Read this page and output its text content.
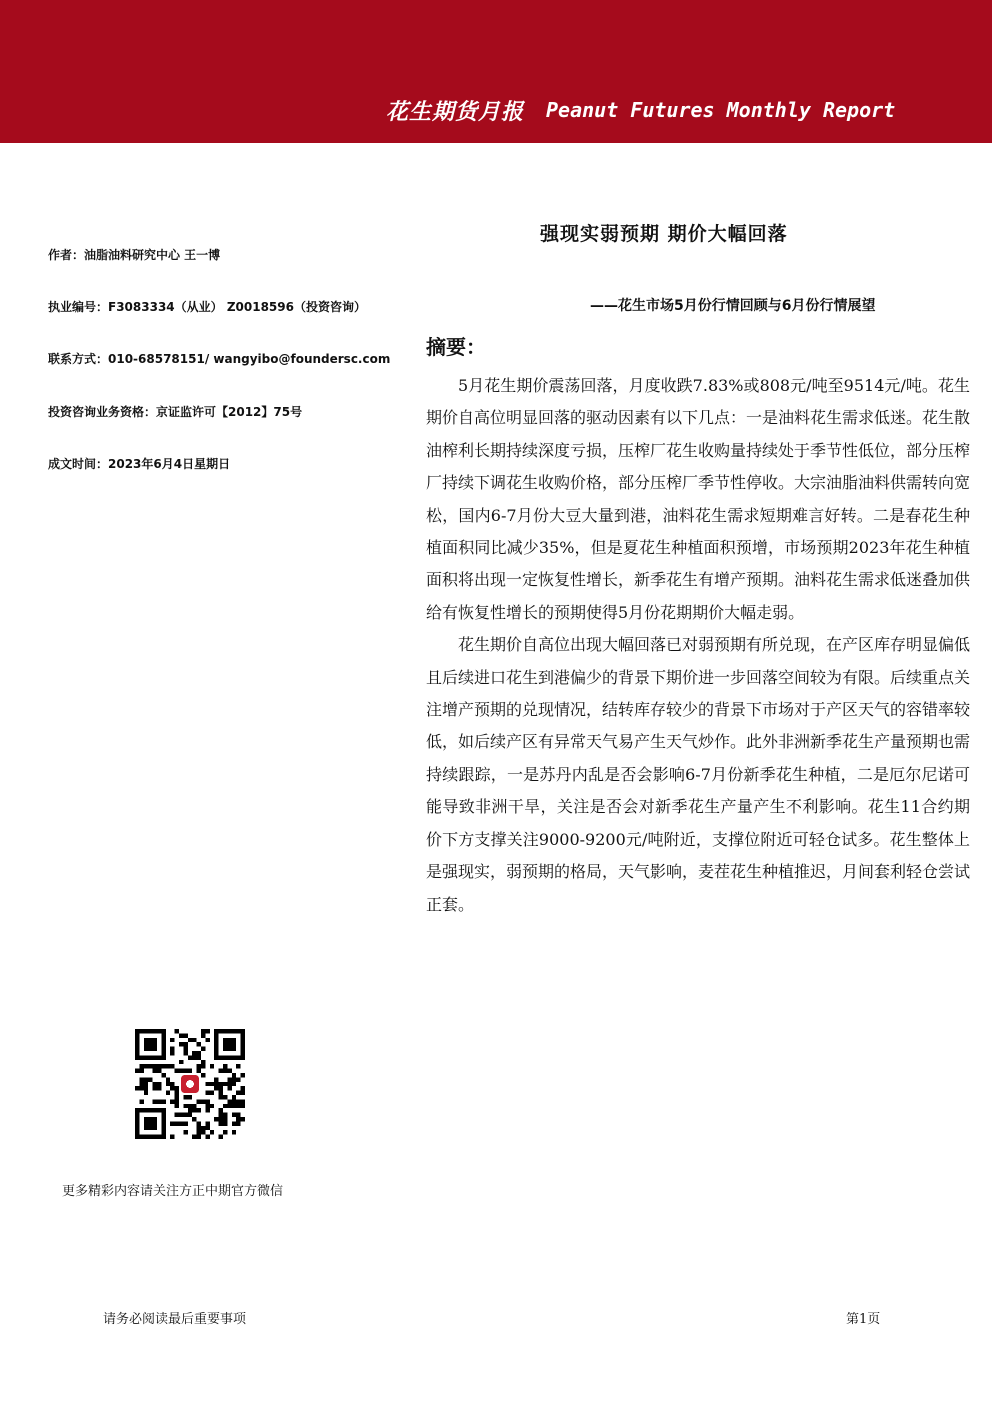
花生期货月报 Peanut Futures Monthly Report
作者：油脂油料研究中心 王一博
执业编号：F3083334（从业） Z0018596（投资咨询）
联系方式：010-68578151/ wangyibo@foundersc.com
投资咨询业务资格：京证监许可【2012】75号
成文时间：2023年6月4日星期日
强现实弱预期 期价大幅回落
——花生市场5月份行情回顾与6月份行情展望
摘要：

5月花生期价震荡回落，月度收跌7.83%或808元/吨至9514元/吨。花生期价自高位明显回落的驱动因素有以下几点：一是油料花生需求低迷。花生散油榨利长期持续深度亏损，压榨厂花生收购量持续处于季节性低位，部分压榨厂持续下调花生收购价格，部分压榨厂季节性停收。大宗油脂油料供需转向宽松，国内6-7月份大豆大量到港，油料花生需求短期难言好转。二是春花生种植面积同比减少35%，但是夏花生种植面积预增，市场预期2023年花生种植面积将出现一定恢复性增长，新季花生有增产预期。油料花生需求低迷叠加供给有恢复性增长的预期使得5月份花期期价大幅走弱。

花生期价自高位出现大幅回落已对弱预期有所兑现，在产区库存明显偏低且后续进口花生到港偏少的背景下期价进一步回落空间较为有限。后续重点关注增产预期的兑现情况，结转库存较少的背景下市场对于产区天气的容错率较低，如后续产区有异常天气易产生天气炒作。此外非洲新季花生产量预期也需持续跟踪，一是苏丹内乱是否会影响6-7月份新季花生种植，二是厄尔尼诺可能导致非洲干旱，关注是否会对新季花生产量产生不利影响。花生11合约期价下方支撑关注9000-9200元/吨附近，支撑位附近可轻仓试多。花生整体上是强现实，弱预期的格局，天气影响，麦茬花生种植推迟，月间套利轻仓尝试正套。

更多精彩内容请关注方正中期官方微信
请务必阅读最后重要事项	第1页
